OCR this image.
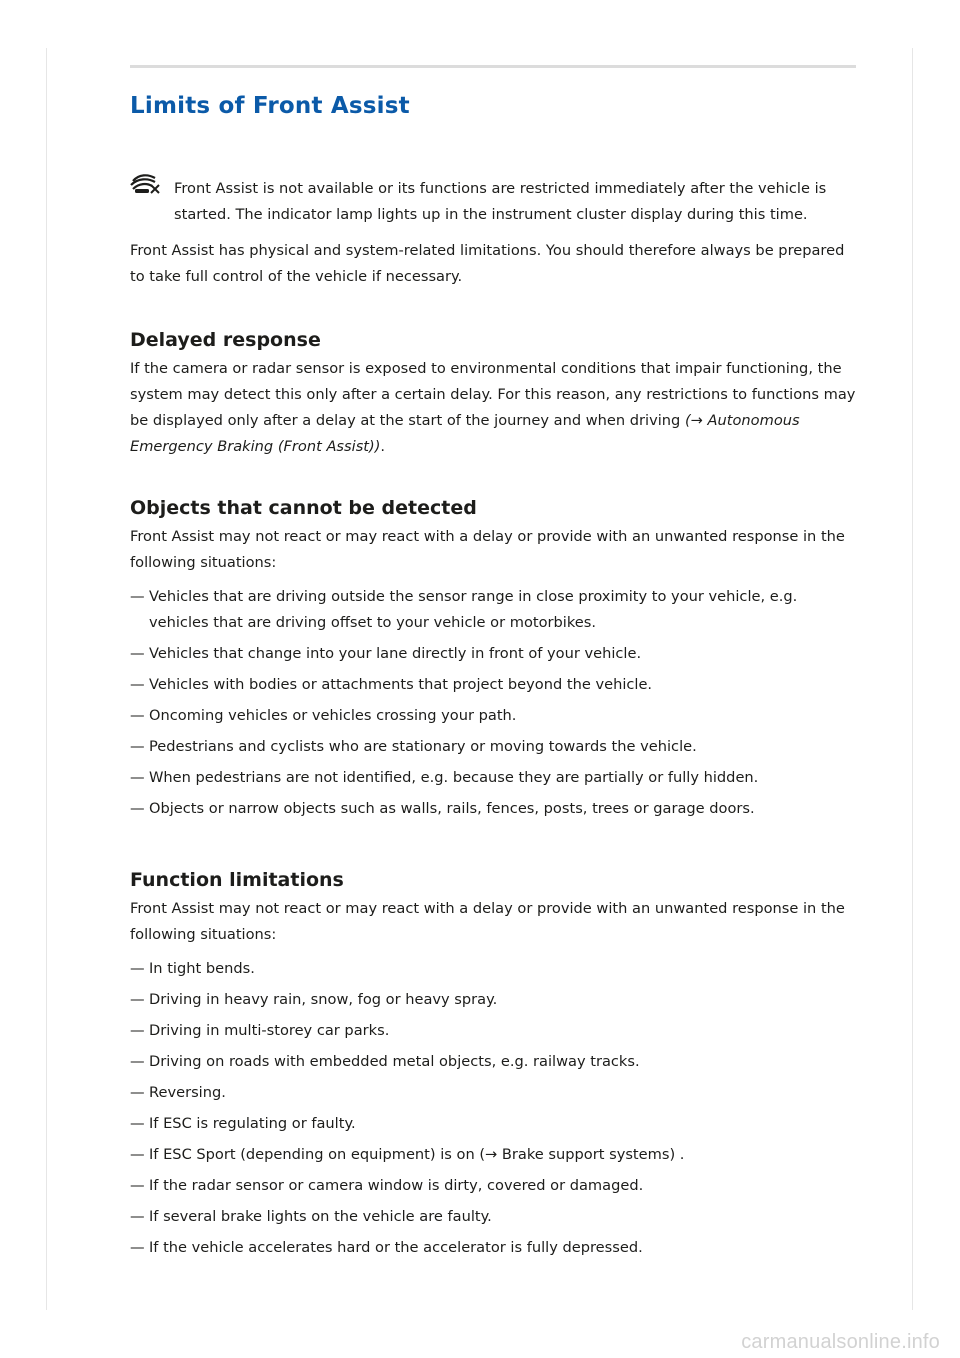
Limits of Front Assist
Front Assist is not available or its functions are restricted immediately after the vehicle is started. The indicator lamp lights up in the instrument cluster display during this time.

Front Assist has physical and system-related limitations. You should therefore always be prepared to take full control of the vehicle if necessary.

Delayed response

If the camera or radar sensor is exposed to environmental conditions that impair functioning, the system may detect this only after a certain delay. For this reason, any restrictions to functions may be displayed only after a delay at the start of the journey and when driving (→ Autonomous Emergency Braking (Front Assist)).

Objects that cannot be detected

Front Assist may not react or may react with a delay or provide with an unwanted response in the following situations:

— Vehicles that are driving outside the sensor range in close proximity to your vehicle, e.g. vehicles that are driving offset to your vehicle or motorbikes.
— Vehicles that change into your lane directly in front of your vehicle.
— Vehicles with bodies or attachments that project beyond the vehicle.
— Oncoming vehicles or vehicles crossing your path.
— Pedestrians and cyclists who are stationary or moving towards the vehicle.
— When pedestrians are not identified, e.g. because they are partially or fully hidden.
— Objects or narrow objects such as walls, rails, fences, posts, trees or garage doors.
Function limitations

Front Assist may not react or may react with a delay or provide with an unwanted response in the following situations:

— In tight bends.
— Driving in heavy rain, snow, fog or heavy spray.
— Driving in multi-storey car parks.
— Driving on roads with embedded metal objects, e.g. railway tracks.
— Reversing.
— If ESC is regulating or faulty.
— If ESC Sport (depending on equipment) is on (→ Brake support systems) .
— If the radar sensor or camera window is dirty, covered or damaged.
— If several brake lights on the vehicle are faulty.
— If the vehicle accelerates hard or the accelerator is fully depressed.
carmanualsonline.info
